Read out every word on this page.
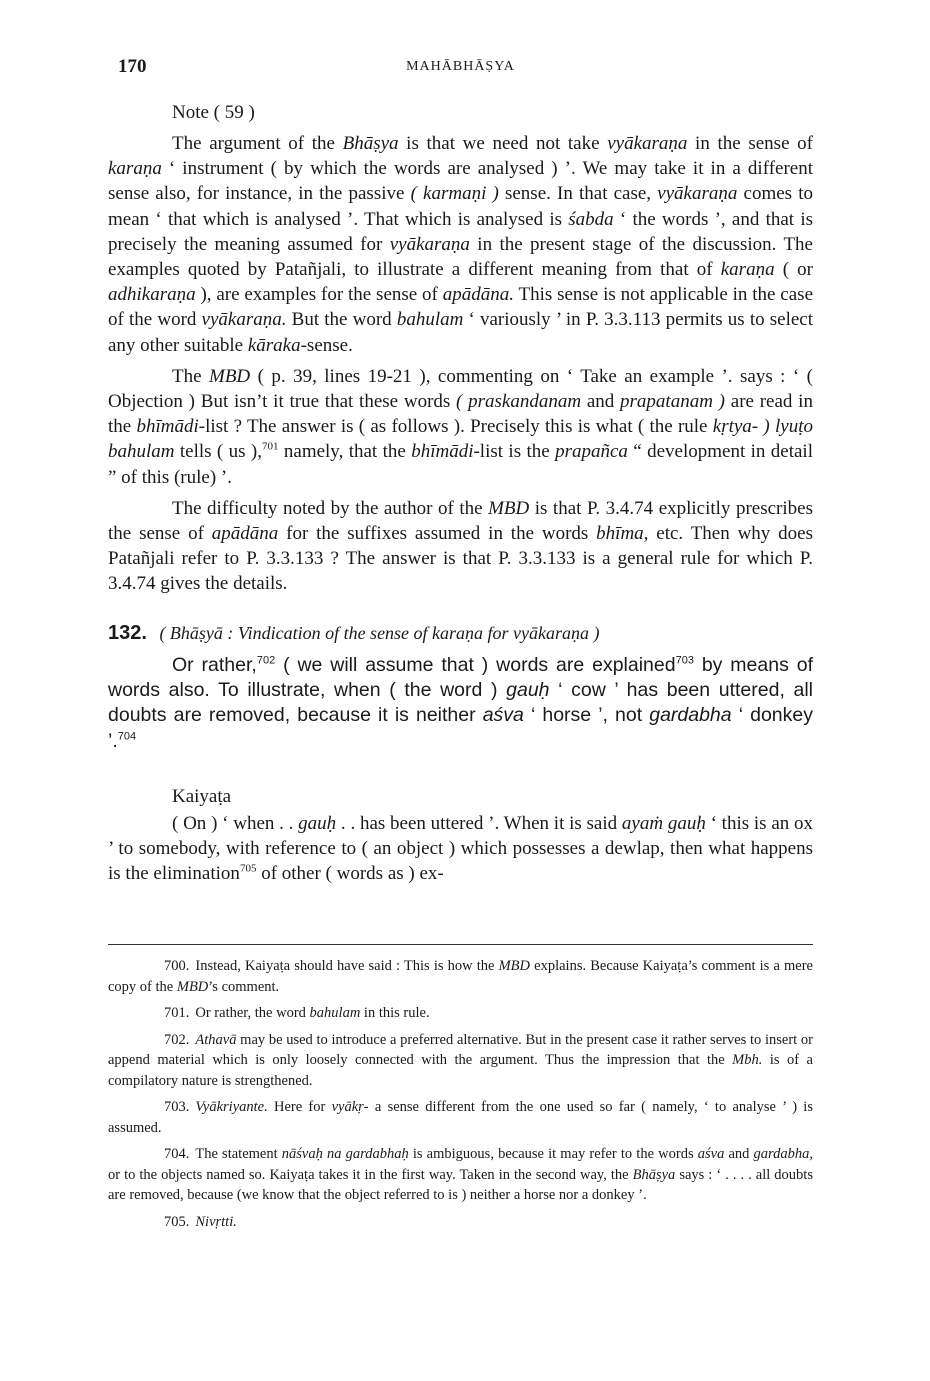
170	MAHĀBHĀṢYA
Note ( 59 )

The argument of the Bhāṣya is that we need not take vyākaraṇa in the sense of karaṇa ‘ instrument ( by which the words are analysed ) ’. We may take it in a different sense also, for instance, in the passive ( karmaṇi ) sense. In that case, vyākaraṇa comes to mean ‘ that which is analysed ’. That which is analysed is śabda ‘ the words ’, and that is precisely the meaning assumed for vyākaraṇa in the present stage of the discussion. The examples quoted by Patañjali, to illustrate a different meaning from that of karaṇa ( or adhikaraṇa ), are examples for the sense of apādāna. This sense is not applicable in the case of the word vyākaraṇa. But the word bahulam ‘ variously ’ in P. 3.3.113 permits us to select any other suitable kāraka-sense.

The MBD ( p. 39, lines 19-21 ), commenting on ‘ Take an example ’. says : ‘ ( Objection ) But isn’t it true that these words ( praskandanam and prapatanam ) are read in the bhīmādi-list ? The answer is ( as follows ). Precisely this is what ( the rule kṛtya- ) lyuṭo bahulam tells ( us ),$^{701}$ namely, that the bhīmādi-list is the prapañca “ development in detail ” of this (rule) ’.

The difficulty noted by the author of the MBD is that P. 3.4.74 explicitly prescribes the sense of apādāna for the suffixes assumed in the words bhīma, etc. Then why does Patañjali refer to P. 3.3.133 ? The answer is that P. 3.3.133 is a general rule for which P. 3.4.74 gives the details.

132. ( Bhāṣyā : Vindication of the sense of karaṇa for vyākaraṇa )

Or rather,$^{702}$ ( we will assume that ) words are explained$^{703}$ by means of words also. To illustrate, when ( the word ) gauḥ ‘ cow ’ has been uttered, all doubts are removed, because it is neither aśva ‘ horse ’, not gardabha ‘ donkey ’.$^{704}$

Kaiyaṭa

( On ) ‘ when . . gauḥ . . has been uttered ’. When it is said ayaṁ gauḥ ‘ this is an ox ’ to somebody, with reference to ( an object ) which possesses a dewlap, then what happens is the elimination$^{705}$ of other ( words as ) ex-

700. Instead, Kaiyaṭa should have said : This is how the MBD explains. Because Kaiyaṭa’s comment is a mere copy of the MBD’s comment.

701. Or rather, the word bahulam in this rule.

702. Athavā may be used to introduce a preferred alternative. But in the present case it rather serves to insert or append material which is only loosely connected with the argument. Thus the impression that the Mbh. is of a compilatory nature is strengthened.

703. Vyākriyante. Here for vyākṛ- a sense different from the one used so far ( namely, ‘ to analyse ’ ) is assumed.

704. The statement nāśvaḥ na gardabhaḥ is ambiguous, because it may refer to the words aśva and gardabha, or to the objects named so. Kaiyaṭa takes it in the first way. Taken in the second way, the Bhāṣya says : ‘ . . . . all doubts are removed, because (we know that the object referred to is ) neither a horse nor a donkey ’.

705. Nivṛtti.
